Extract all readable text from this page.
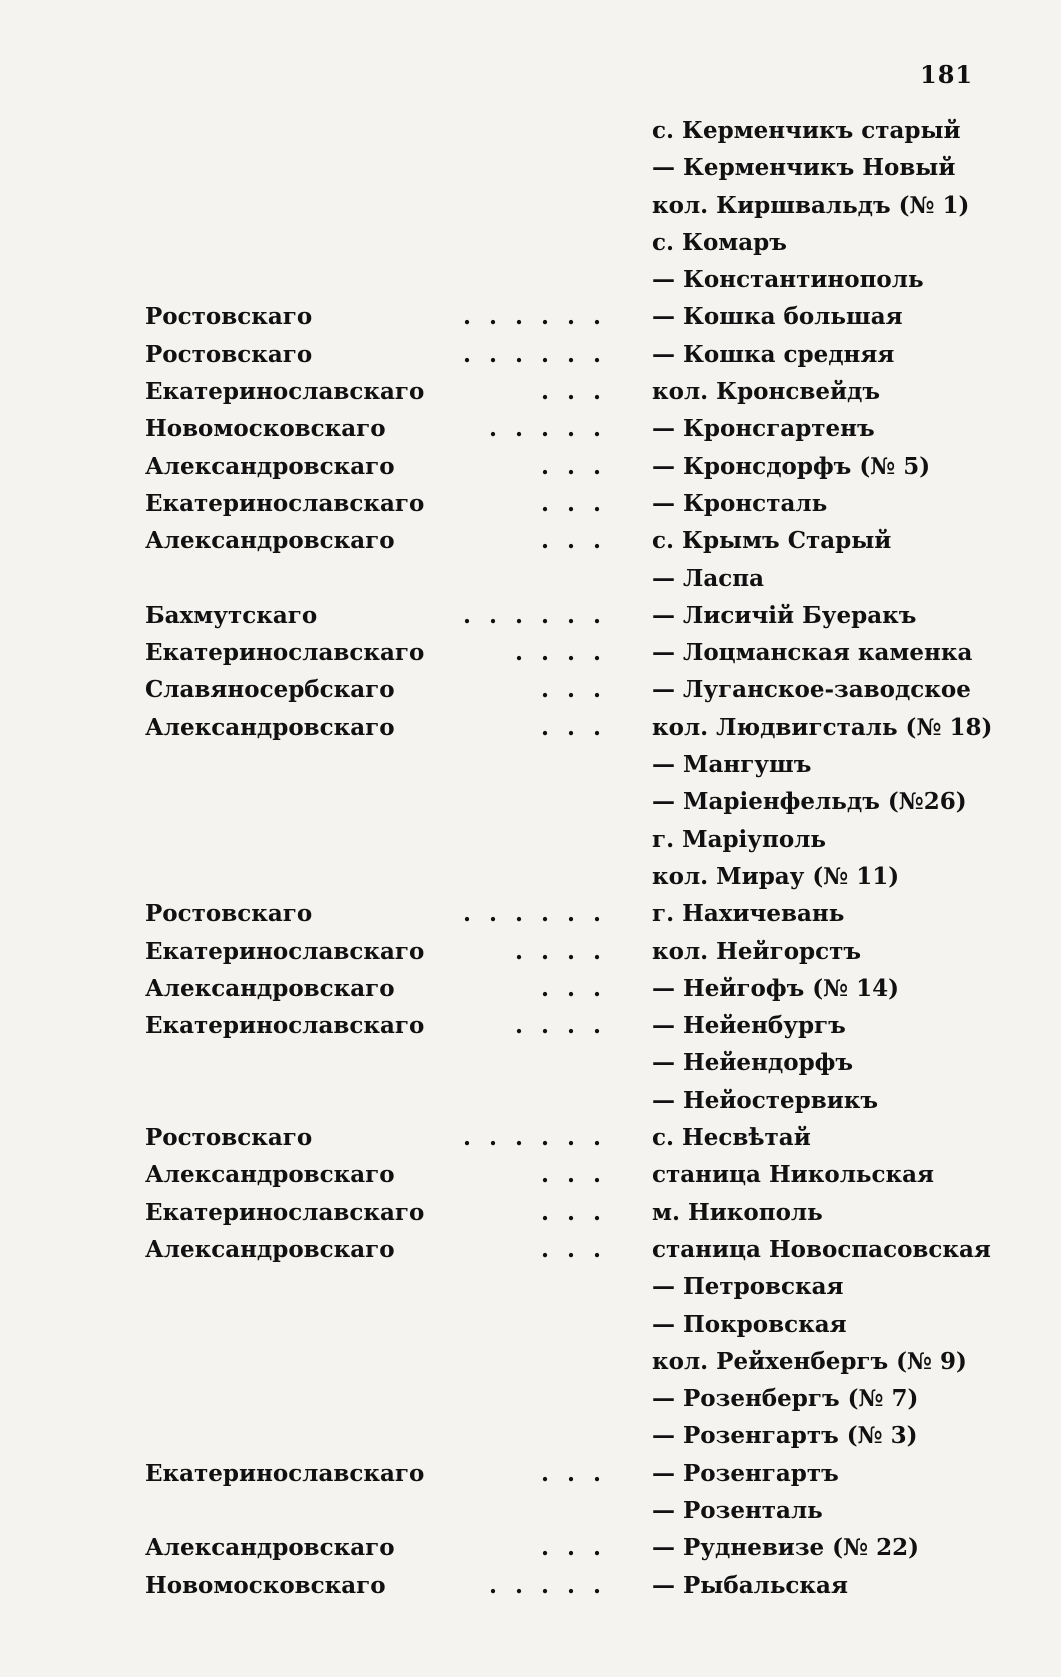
181
с. Керменчикъ старый
— Керменчикъ Новый
кол. Киршвальдъ (№ 1)
с. Комаръ
— Константинополь
Ростовскаго	...... — Кошка большая
Ростовскаго	...... — Кошка средняя
Екатеринославскаго	... кол. Кронсвейдъ
Новомосковскаго	..... — Кронсгартенъ
Александровскаго	... — Кронсдорфъ (№ 5)
Екатеринославскаго	... — Кронсталь
Александровскаго	... с. Крымъ Старый
— Ласпа
Бахмутскаго	...... — Лисичій Буеракъ
Екатеринославскаго	.... — Лоцманская каменка
Славяносербскаго	... — Луганское-заводское
Александровскаго	... кол. Людвигсталь (№ 18)
— Мангушъ
— Маріенфельдъ (№26)
г. Маріуполь
кол. Мирау (№ 11)
Ростовскаго	...... г. Нахичевань
Екатеринославскаго	.... кол. Нейгорстъ
Александровскаго	... — Нейгофъ (№ 14)
Екатеринославскаго	.... — Нейенбургъ
— Нейендорфъ
— Нейостервикъ
Ростовскаго	...... с. Несвѣтай
Александровскаго	... станица Никольская
Екатеринославскаго	... м. Никополь
Александровскаго	... станица Новоспасовская
— Петровская
— Покровская
кол. Рейхенбергъ (№ 9)
— Розенбергъ (№ 7)
— Розенгартъ (№ 3)
Екатеринославскаго	... — Розенгартъ
— Розенталь
Александровскаго	... — Рудневизе (№ 22)
Новомосковскаго	..... — Рыбальская
